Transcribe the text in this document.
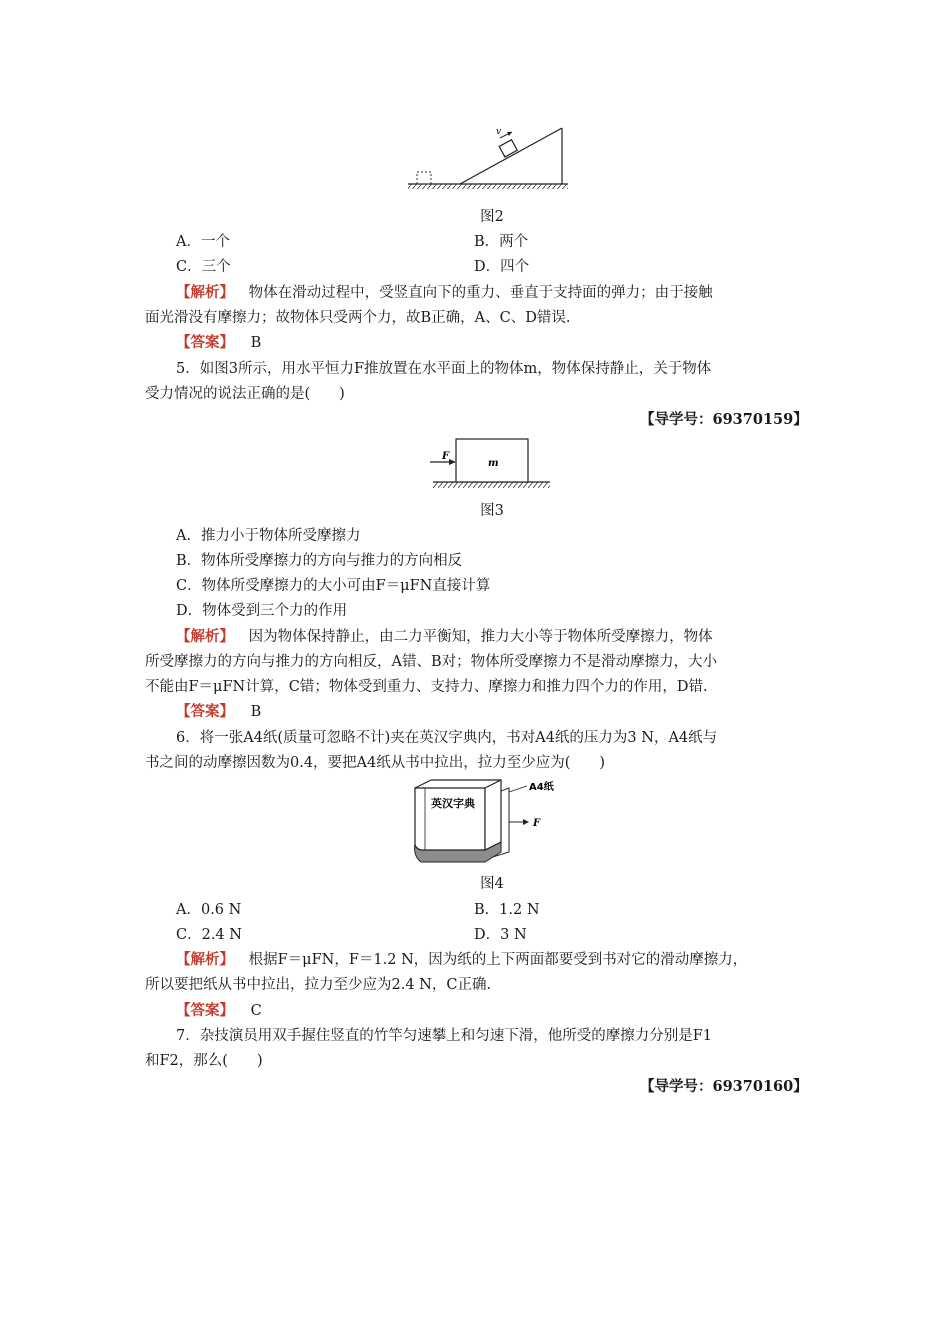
v
图2
A．一个	B．两个
C．三个	D．四个
【解析】 物体在滑动过程中，受竖直向下的重力、垂直于支持面的弹力；由于接触
面光滑没有摩擦力；故物体只受两个力，故B正确，A、C、D错误.
【答案】 B
5．如图3所示，用水平恒力F推放置在水平面上的物体m，物体保持静止，关于物体
受力情况的说法正确的是(　　)
【导学号：69370159】
F
m
图3
A．推力小于物体所受摩擦力
B．物体所受摩擦力的方向与推力的方向相反
C．物体所受摩擦力的大小可由F＝μFN直接计算
D．物体受到三个力的作用
【解析】 因为物体保持静止，由二力平衡知，推力大小等于物体所受摩擦力，物体
所受摩擦力的方向与推力的方向相反，A错、B对；物体所受摩擦力不是滑动摩擦力，大小
不能由F＝μFN计算，C错；物体受到重力、支持力、摩擦力和推力四个力的作用，D错.
【答案】 B
6．将一张A4纸(质量可忽略不计)夹在英汉字典内，书对A4纸的压力为3 N，A4纸与
书之间的动摩擦因数为0.4，要把A4纸从书中拉出，拉力至少应为(　　)
英汉字典
A4纸
F
图4
A．0.6 N	B．1.2 N
C．2.4 N	D．3 N
【解析】 根据F＝μFN，F＝1.2 N，因为纸的上下两面都要受到书对它的滑动摩擦力，
所以要把纸从书中拉出，拉力至少应为2.4 N，C正确.
【答案】 C
7．杂技演员用双手握住竖直的竹竿匀速攀上和匀速下滑，他所受的摩擦力分别是F1
和F2，那么(　　)
【导学号：69370160】
